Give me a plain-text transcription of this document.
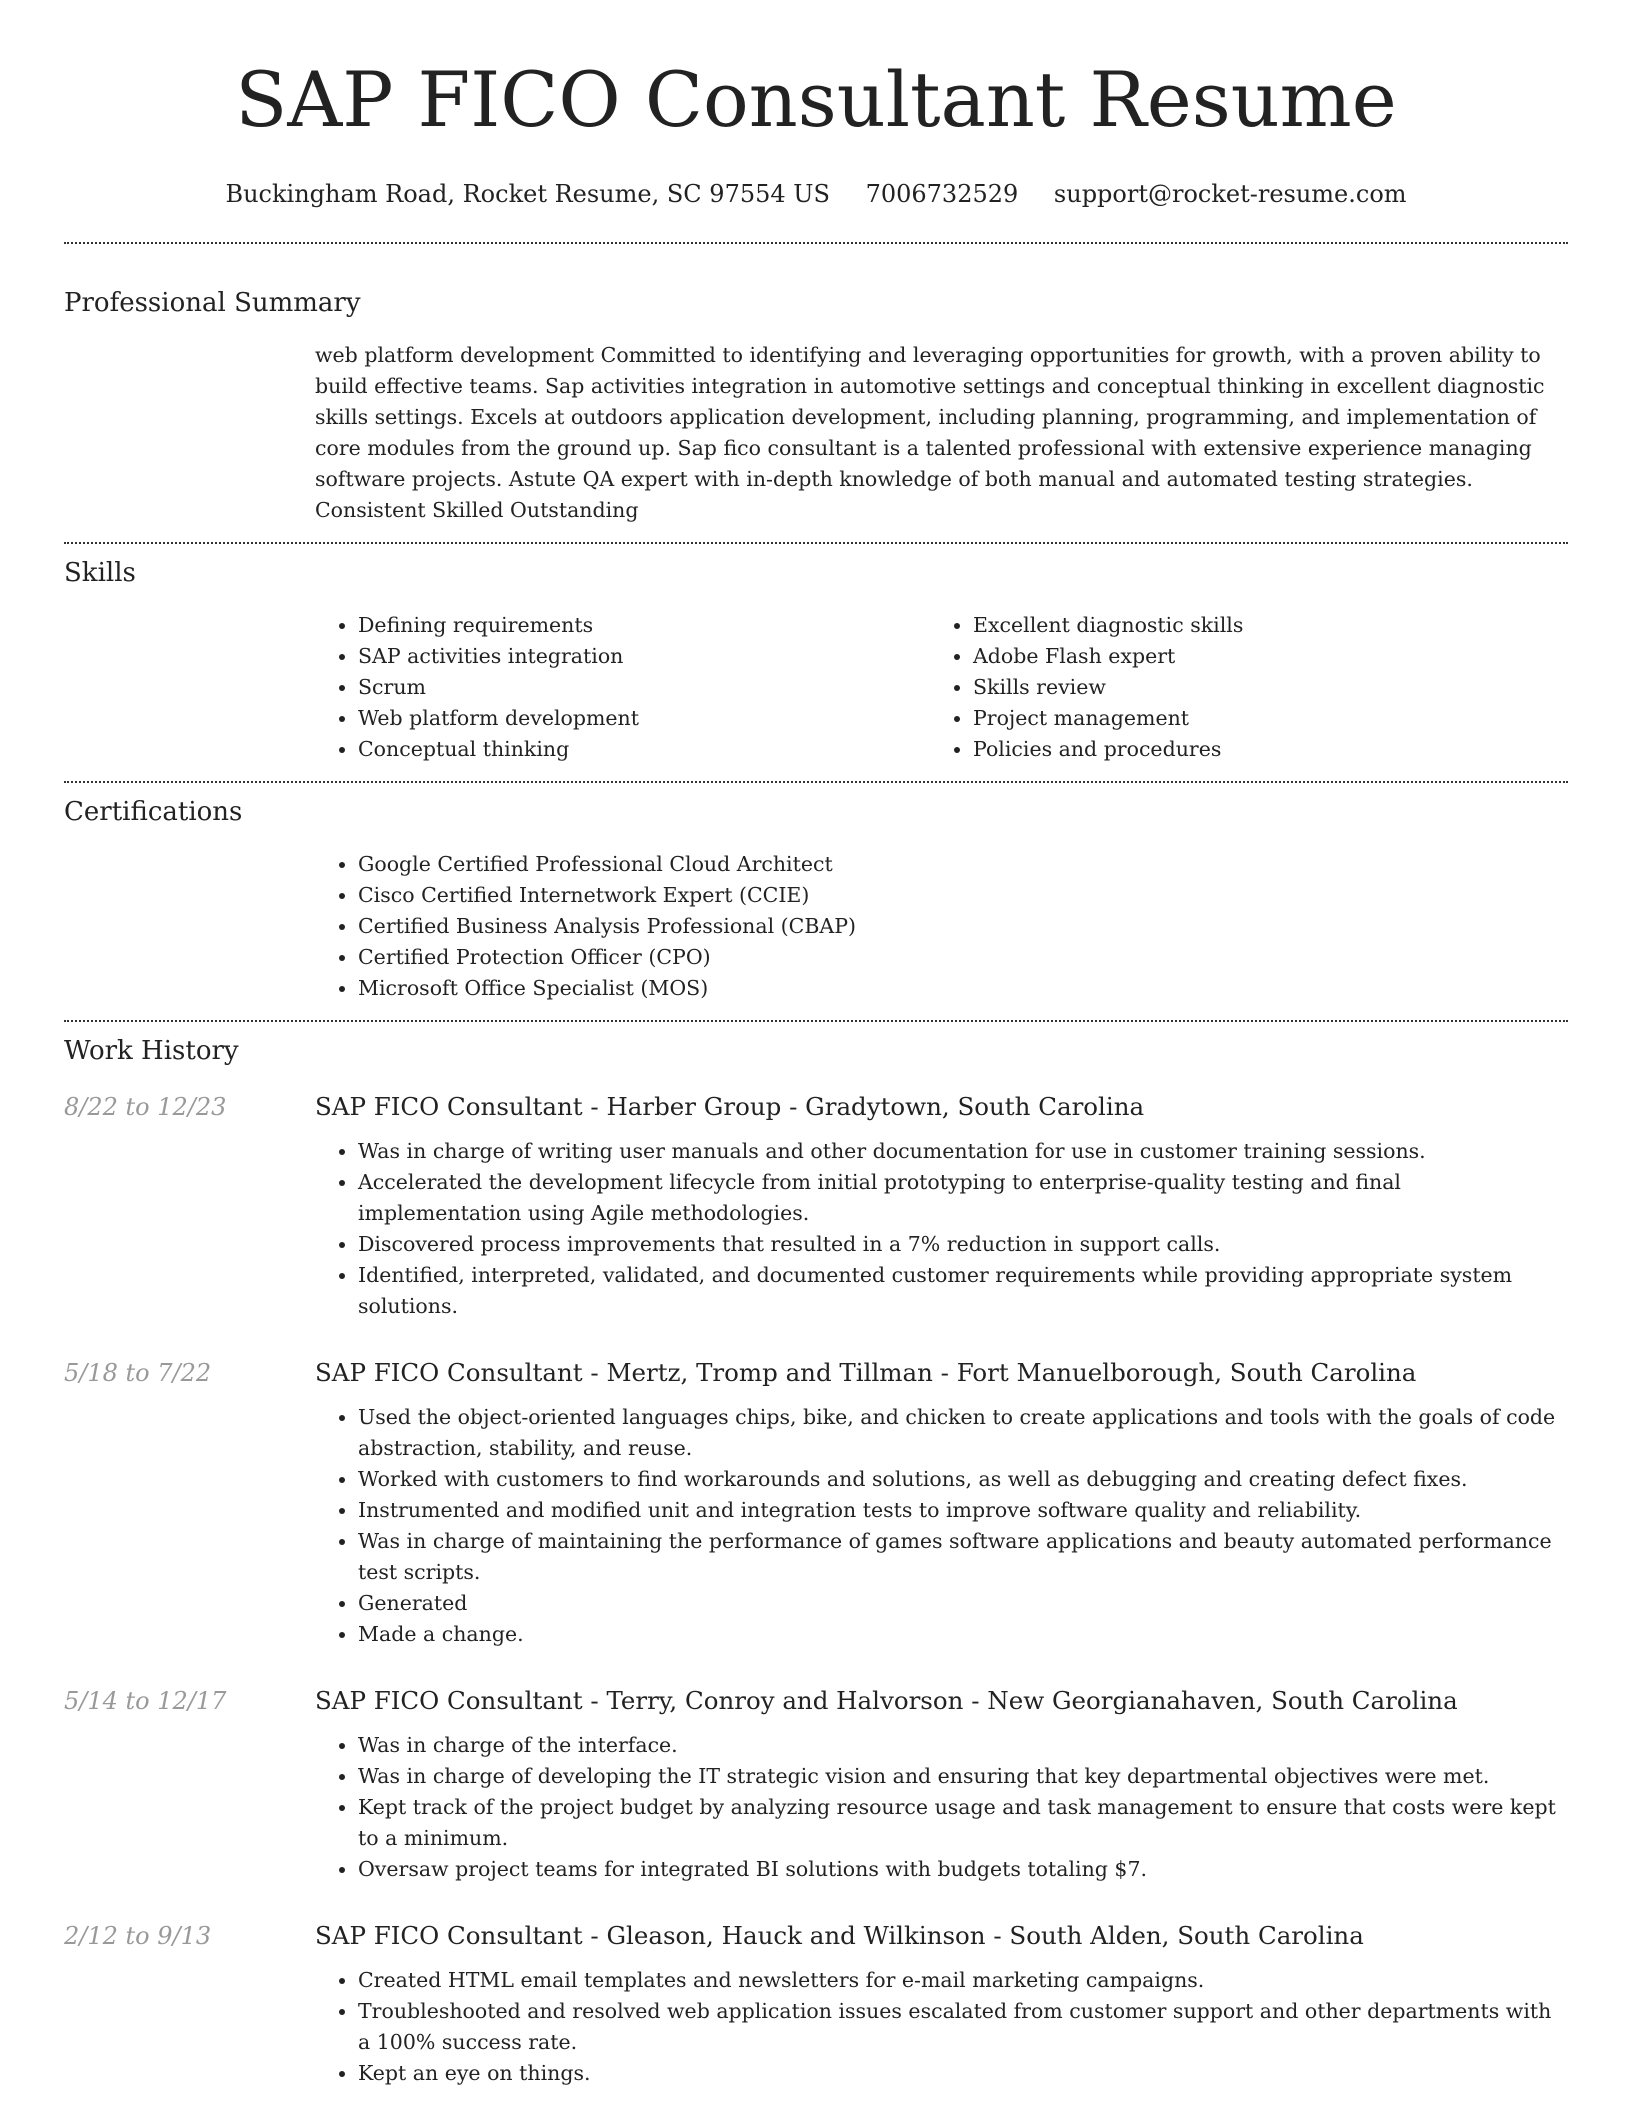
SAP FICO Consultant Resume
Buckingham Road, Rocket Resume, SC 97554 US 7006732529 support@rocket-resume.com
Professional Summary
web platform development Committed to identifying and leveraging opportunities for growth, with a proven ability to build effective teams. Sap activities integration in automotive settings and conceptual thinking in excellent diagnostic skills settings. Excels at outdoors application development, including planning, programming, and implementation of core modules from the ground up. Sap fico consultant is a talented professional with extensive experience managing software projects. Astute QA expert with in-depth knowledge of both manual and automated testing strategies. Consistent Skilled Outstanding
Skills
• Defining requirements
• SAP activities integration
• Scrum
• Web platform development
• Conceptual thinking
• Excellent diagnostic skills
• Adobe Flash expert
• Skills review
• Project management
• Policies and procedures
Certifications
• Google Certified Professional Cloud Architect
• Cisco Certified Internetwork Expert (CCIE)
• Certified Business Analysis Professional (CBAP)
• Certified Protection Officer (CPO)
• Microsoft Office Specialist (MOS)
Work History
8/22 to 12/23	SAP FICO Consultant - Harber Group - Gradytown, South Carolina
• Was in charge of writing user manuals and other documentation for use in customer training sessions.
• Accelerated the development lifecycle from initial prototyping to enterprise-quality testing and final implementation using Agile methodologies.
• Discovered process improvements that resulted in a 7% reduction in support calls.
• Identified, interpreted, validated, and documented customer requirements while providing appropriate system solutions.
5/18 to 7/22	SAP FICO Consultant - Mertz, Tromp and Tillman - Fort Manuelborough, South Carolina
• Used the object-oriented languages chips, bike, and chicken to create applications and tools with the goals of code abstraction, stability, and reuse.
• Worked with customers to find workarounds and solutions, as well as debugging and creating defect fixes.
• Instrumented and modified unit and integration tests to improve software quality and reliability.
• Was in charge of maintaining the performance of games software applications and beauty automated performance test scripts.
• Generated
• Made a change.
5/14 to 12/17	SAP FICO Consultant - Terry, Conroy and Halvorson - New Georgianahaven, South Carolina
• Was in charge of the interface.
• Was in charge of developing the IT strategic vision and ensuring that key departmental objectives were met.
• Kept track of the project budget by analyzing resource usage and task management to ensure that costs were kept to a minimum.
• Oversaw project teams for integrated BI solutions with budgets totaling $7.
2/12 to 9/13	SAP FICO Consultant - Gleason, Hauck and Wilkinson - South Alden, South Carolina
• Created HTML email templates and newsletters for e-mail marketing campaigns.
• Troubleshooted and resolved web application issues escalated from customer support and other departments with a 100% success rate.
• Kept an eye on things.
